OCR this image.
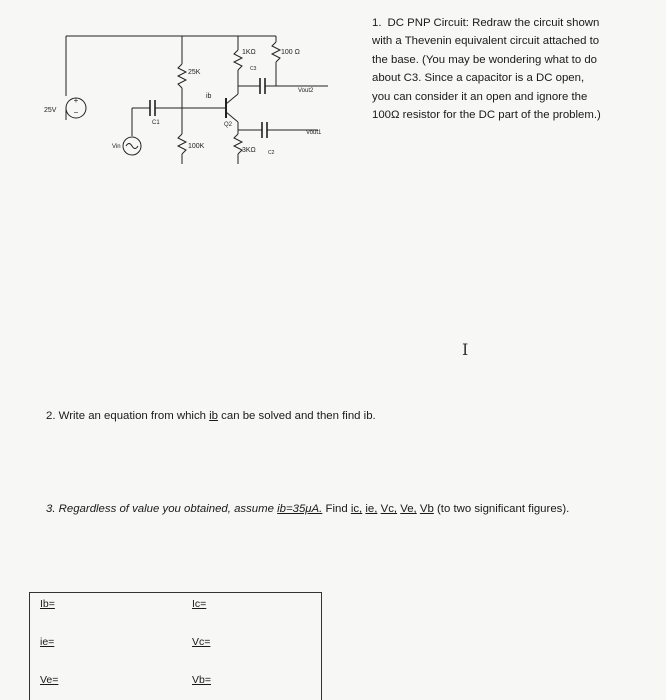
25V
+
−
25K
ib
1KΩ
C3
100 Ω
Vout2
Q2
Vout1
C1
Vin	100K
3KΩ C2
1. DC PNP Circuit: Redraw the circuit shown with a Thevenin equivalent circuit attached to the base. (You may be wondering what to do about C3. Since a capacitor is a DC open, you can consider it an open and ignore the 100Ω resistor for the DC part of the problem.)
I
2. Write an equation from which ib can be solved and then find ib.
3. Regardless of value you obtained, assume ib=35μA. Find ic, ie, Vc, Ve, Vb (to two significant figures).
Ib=	Ic=
ie=	Vc=
Ve=	Vb=
